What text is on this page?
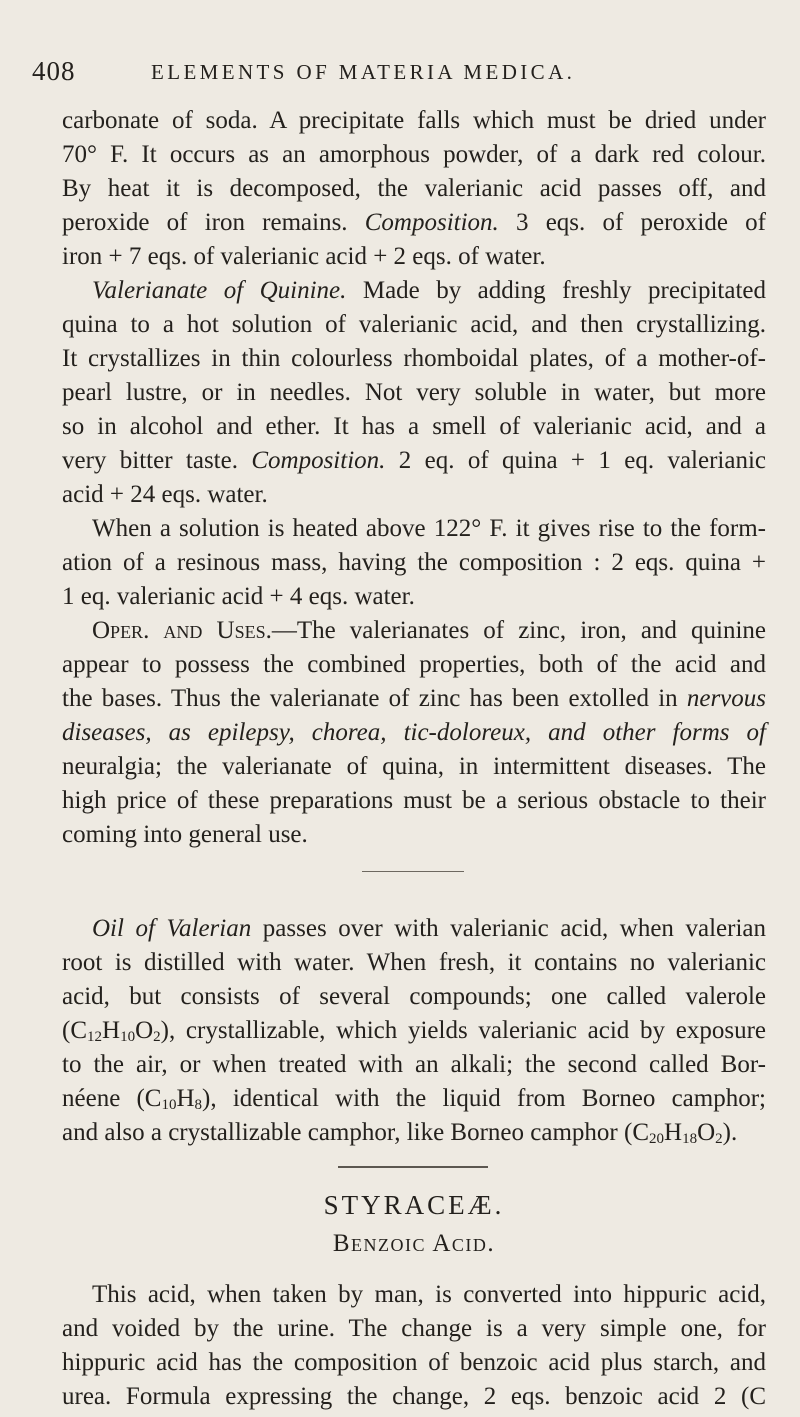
408	ELEMENTS OF MATERIA MEDICA.
carbonate of soda. A precipitate falls which must be dried under
70° F. It occurs as an amorphous powder, of a dark red colour.
By heat it is decomposed, the valerianic acid passes off, and
peroxide of iron remains. Composition. 3 eqs. of peroxide of
iron + 7 eqs. of valerianic acid + 2 eqs. of water.
Valerianate of Quinine. Made by adding freshly precipitated
quina to a hot solution of valerianic acid, and then crystallizing.
It crystallizes in thin colourless rhomboidal plates, of a mother-of-
pearl lustre, or in needles. Not very soluble in water, but more
so in alcohol and ether. It has a smell of valerianic acid, and a
very bitter taste. Composition. 2 eq. of quina + 1 eq. valerianic
acid + 24 eqs. water.
When a solution is heated above 122° F. it gives rise to the form-
ation of a resinous mass, having the composition : 2 eqs. quina +
1 eq. valerianic acid + 4 eqs. water.
Oper. and Uses.—The valerianates of zinc, iron, and quinine
appear to possess the combined properties, both of the acid and
the bases. Thus the valerianate of zinc has been extolled in nervous
diseases, as epilepsy, chorea, tic-doloreux, and other forms of
neuralgia; the valerianate of quina, in intermittent diseases. The
high price of these preparations must be a serious obstacle to their
coming into general use.
Oil of Valerian passes over with valerianic acid, when valerian
root is distilled with water. When fresh, it contains no valerianic
acid, but consists of several compounds; one called valerole
$(C_{12}H_{10}O_2)$, crystallizable, which yields valerianic acid by exposure
to the air, or when treated with an alkali; the second called Bor-
néene $(C_{10}H_8)$, identical with the liquid from Borneo camphor;
and also a crystallizable camphor, like Borneo camphor $(C_{20}H_{18}O_2)$.
STYRACEÆ.
Benzoic Acid.
This acid, when taken by man, is converted into hippuric acid,
and voided by the urine. The change is a very simple one, for
hippuric acid has the composition of benzoic acid plus starch, and
urea. Formula expressing the change, 2 eqs. benzoic acid 2 (C
